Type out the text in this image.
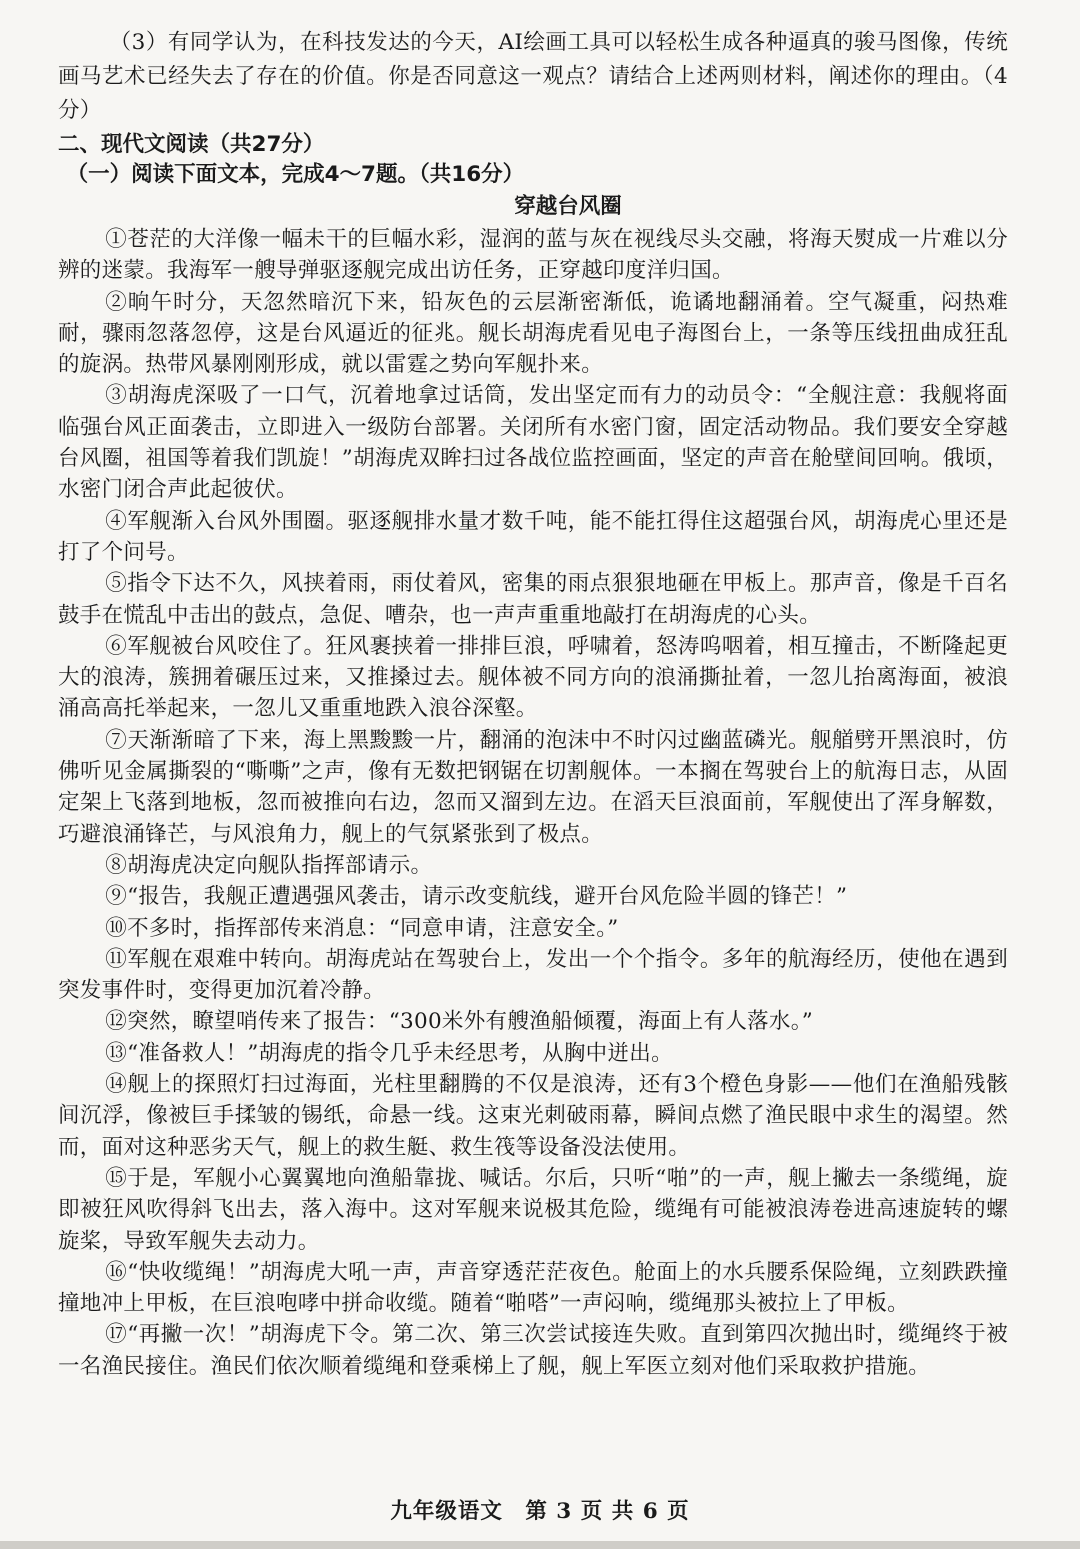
（3）有同学认为，在科技发达的今天，AI绘画工具可以轻松生成各种逼真的骏马图像，传统画马艺术已经失去了存在的价值。你是否同意这一观点？请结合上述两则材料，阐述你的理由。（4分）

二、现代文阅读（共27分）

（一）阅读下面文本，完成4～7题。（共16分）

穿越台风圈

①苍茫的大洋像一幅未干的巨幅水彩，湿润的蓝与灰在视线尽头交融，将海天熨成一片难以分辨的迷蒙。我海军一艘导弹驱逐舰完成出访任务，正穿越印度洋归国。

②晌午时分，天忽然暗沉下来，铅灰色的云层渐密渐低，诡谲地翻涌着。空气凝重，闷热难耐，骤雨忽落忽停，这是台风逼近的征兆。舰长胡海虎看见电子海图台上，一条等压线扭曲成狂乱的旋涡。热带风暴刚刚形成，就以雷霆之势向军舰扑来。

③胡海虎深吸了一口气，沉着地拿过话筒，发出坚定而有力的动员令：“全舰注意：我舰将面临强台风正面袭击，立即进入一级防台部署。关闭所有水密门窗，固定活动物品。我们要安全穿越台风圈，祖国等着我们凯旋！”胡海虎双眸扫过各战位监控画面，坚定的声音在舱壁间回响。俄顷，水密门闭合声此起彼伏。

④军舰渐入台风外围圈。驱逐舰排水量才数千吨，能不能扛得住这超强台风，胡海虎心里还是打了个问号。

⑤指令下达不久，风挟着雨，雨仗着风，密集的雨点狠狠地砸在甲板上。那声音，像是千百名鼓手在慌乱中击出的鼓点，急促、嘈杂，也一声声重重地敲打在胡海虎的心头。

⑥军舰被台风咬住了。狂风裹挟着一排排巨浪，呼啸着，怒涛呜咽着，相互撞击，不断隆起更大的浪涛，簇拥着碾压过来，又推搡过去。舰体被不同方向的浪涌撕扯着，一忽儿抬离海面，被浪涌高高托举起来，一忽儿又重重地跌入浪谷深壑。

⑦天渐渐暗了下来，海上黑黢黢一片，翻涌的泡沫中不时闪过幽蓝磷光。舰艏劈开黑浪时，仿佛听见金属撕裂的“嘶嘶”之声，像有无数把钢锯在切割舰体。一本搁在驾驶台上的航海日志，从固定架上飞落到地板，忽而被推向右边，忽而又溜到左边。在滔天巨浪面前，军舰使出了浑身解数，巧避浪涌锋芒，与风浪角力，舰上的气氛紧张到了极点。

⑧胡海虎决定向舰队指挥部请示。

⑨“报告，我舰正遭遇强风袭击，请示改变航线，避开台风危险半圆的锋芒！”

⑩不多时，指挥部传来消息：“同意申请，注意安全。”

⑪军舰在艰难中转向。胡海虎站在驾驶台上，发出一个个指令。多年的航海经历，使他在遇到突发事件时，变得更加沉着冷静。

⑫突然，瞭望哨传来了报告：“300米外有艘渔船倾覆，海面上有人落水。”

⑬“准备救人！”胡海虎的指令几乎未经思考，从胸中迸出。

⑭舰上的探照灯扫过海面，光柱里翻腾的不仅是浪涛，还有3个橙色身影——他们在渔船残骸间沉浮，像被巨手揉皱的锡纸，命悬一线。这束光刺破雨幕，瞬间点燃了渔民眼中求生的渴望。然而，面对这种恶劣天气，舰上的救生艇、救生筏等设备没法使用。

⑮于是，军舰小心翼翼地向渔船靠拢、喊话。尔后，只听“啪”的一声，舰上撇去一条缆绳，旋即被狂风吹得斜飞出去，落入海中。这对军舰来说极其危险，缆绳有可能被浪涛卷进高速旋转的螺旋桨，导致军舰失去动力。

⑯“快收缆绳！”胡海虎大吼一声，声音穿透茫茫夜色。舱面上的水兵腰系保险绳，立刻跌跌撞撞地冲上甲板，在巨浪咆哮中拼命收缆。随着“啪嗒”一声闷响，缆绳那头被拉上了甲板。

⑰“再撇一次！”胡海虎下令。第二次、第三次尝试接连失败。直到第四次抛出时，缆绳终于被一名渔民接住。渔民们依次顺着缆绳和登乘梯上了舰，舰上军医立刻对他们采取救护措施。

九年级语文　第 3 页 共 6 页
